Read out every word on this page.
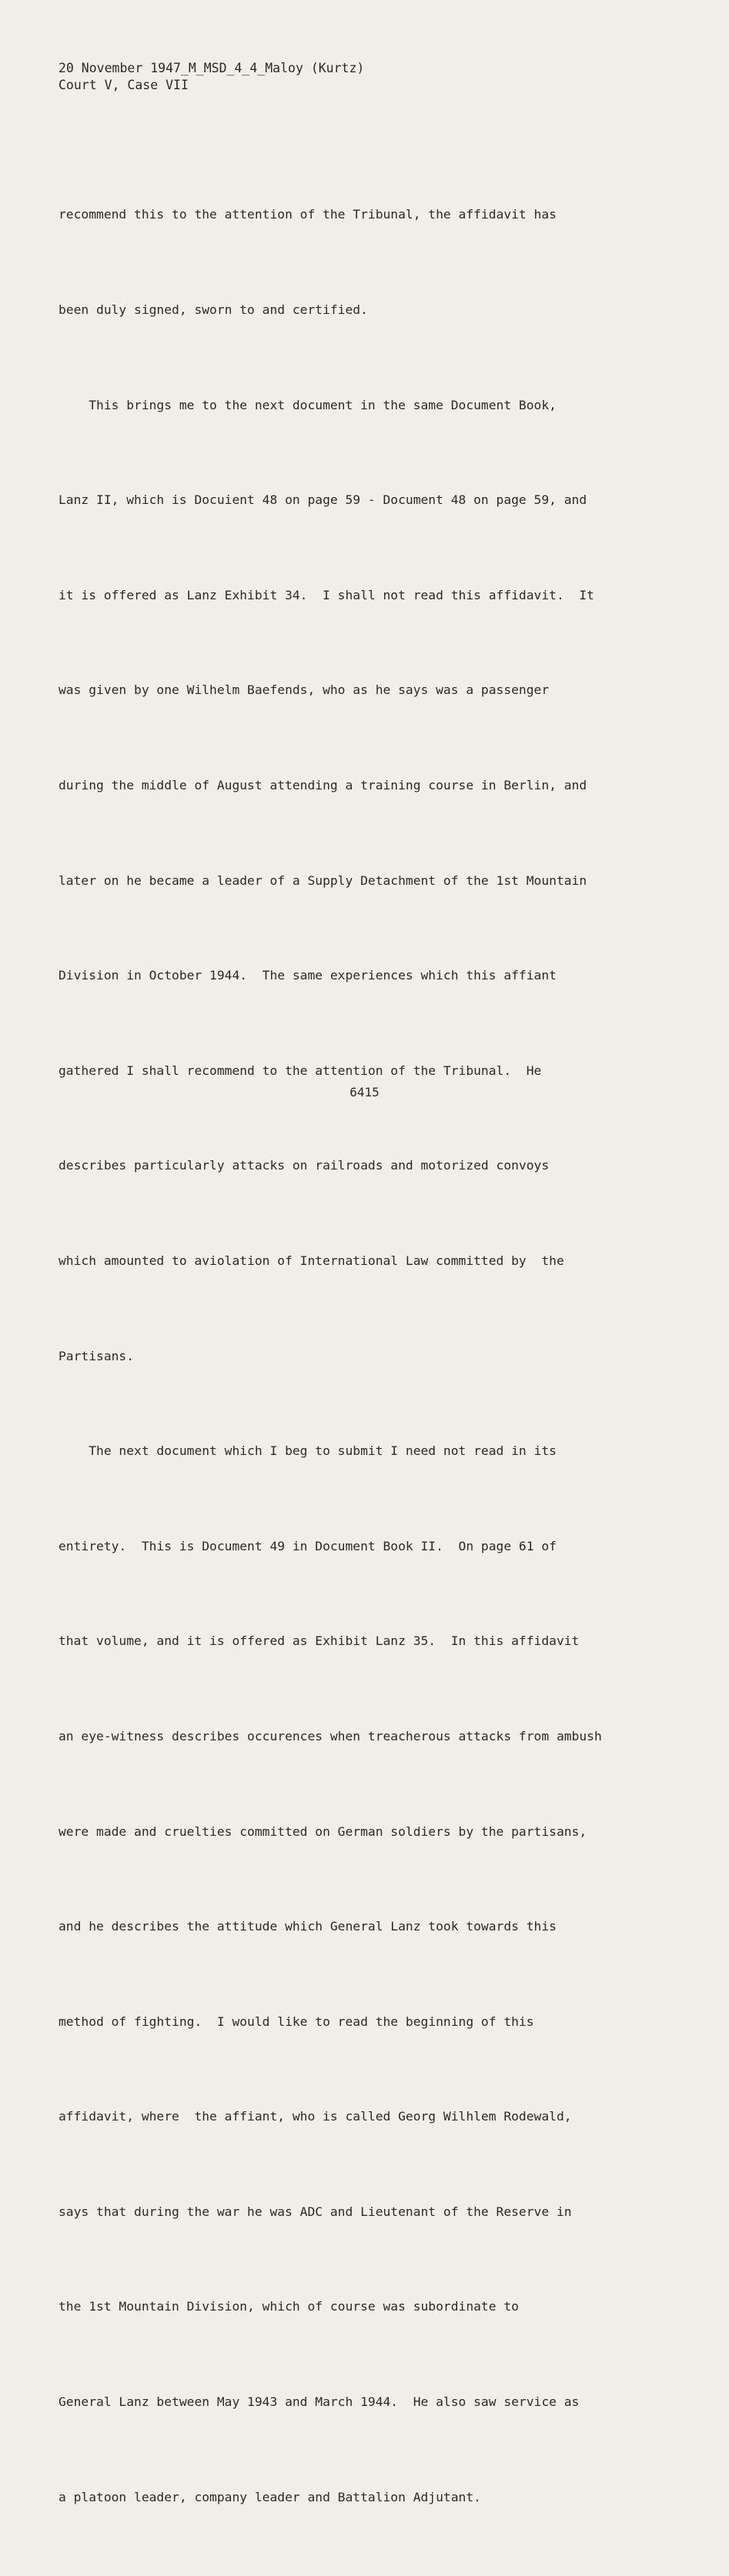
20 November 1947_M_MSD_4_4_Maloy (Kurtz)
Court V, Case VII

recommend this to the attention of the Tribunal, the affidavit has

been duly signed, sworn to and certified.

This brings me to the next document in the same Document Book,

Lanz II, which is Docuient 48 on page 59 - Document 48 on page 59, and

it is offered as Lanz Exhibit 34.  I shall not read this affidavit.  It

was given by one Wilhelm Baefends, who as he says was a passenger

during the middle of August attending a training course in Berlin, and

later on he became a leader of a Supply Detachment of the 1st Mountain

Division in October 1944.  The same experiences which this affiant

gathered I shall recommend to the attention of the Tribunal.  He

describes particularly attacks on railroads and motorized convoys

which amounted to aviolation of International Law committed by  the

Partisans.

The next document which I beg to submit I need not read in its

entirety.  This is Document 49 in Document Book II.  On page 61 of

that volume, and it is offered as Exhibit Lanz 35.  In this affidavit

an eye-witness describes occurences when treacherous attacks from ambush

were made and cruelties committed on German soldiers by the partisans,

and he describes the attitude which General Lanz took towards this

method of fighting.  I would like to read the beginning of this

affidavit, where  the affiant, who is called Georg Wilhlem Rodewald,

says that during the war he was ADC and Lieutenant of the Reserve in

the 1st Mountain Division, which of course was subordinate to

General Lanz between May 1943 and March 1944.  He also saw service as

a platoon leader, company leader and Battalion Adjutant.

6415
